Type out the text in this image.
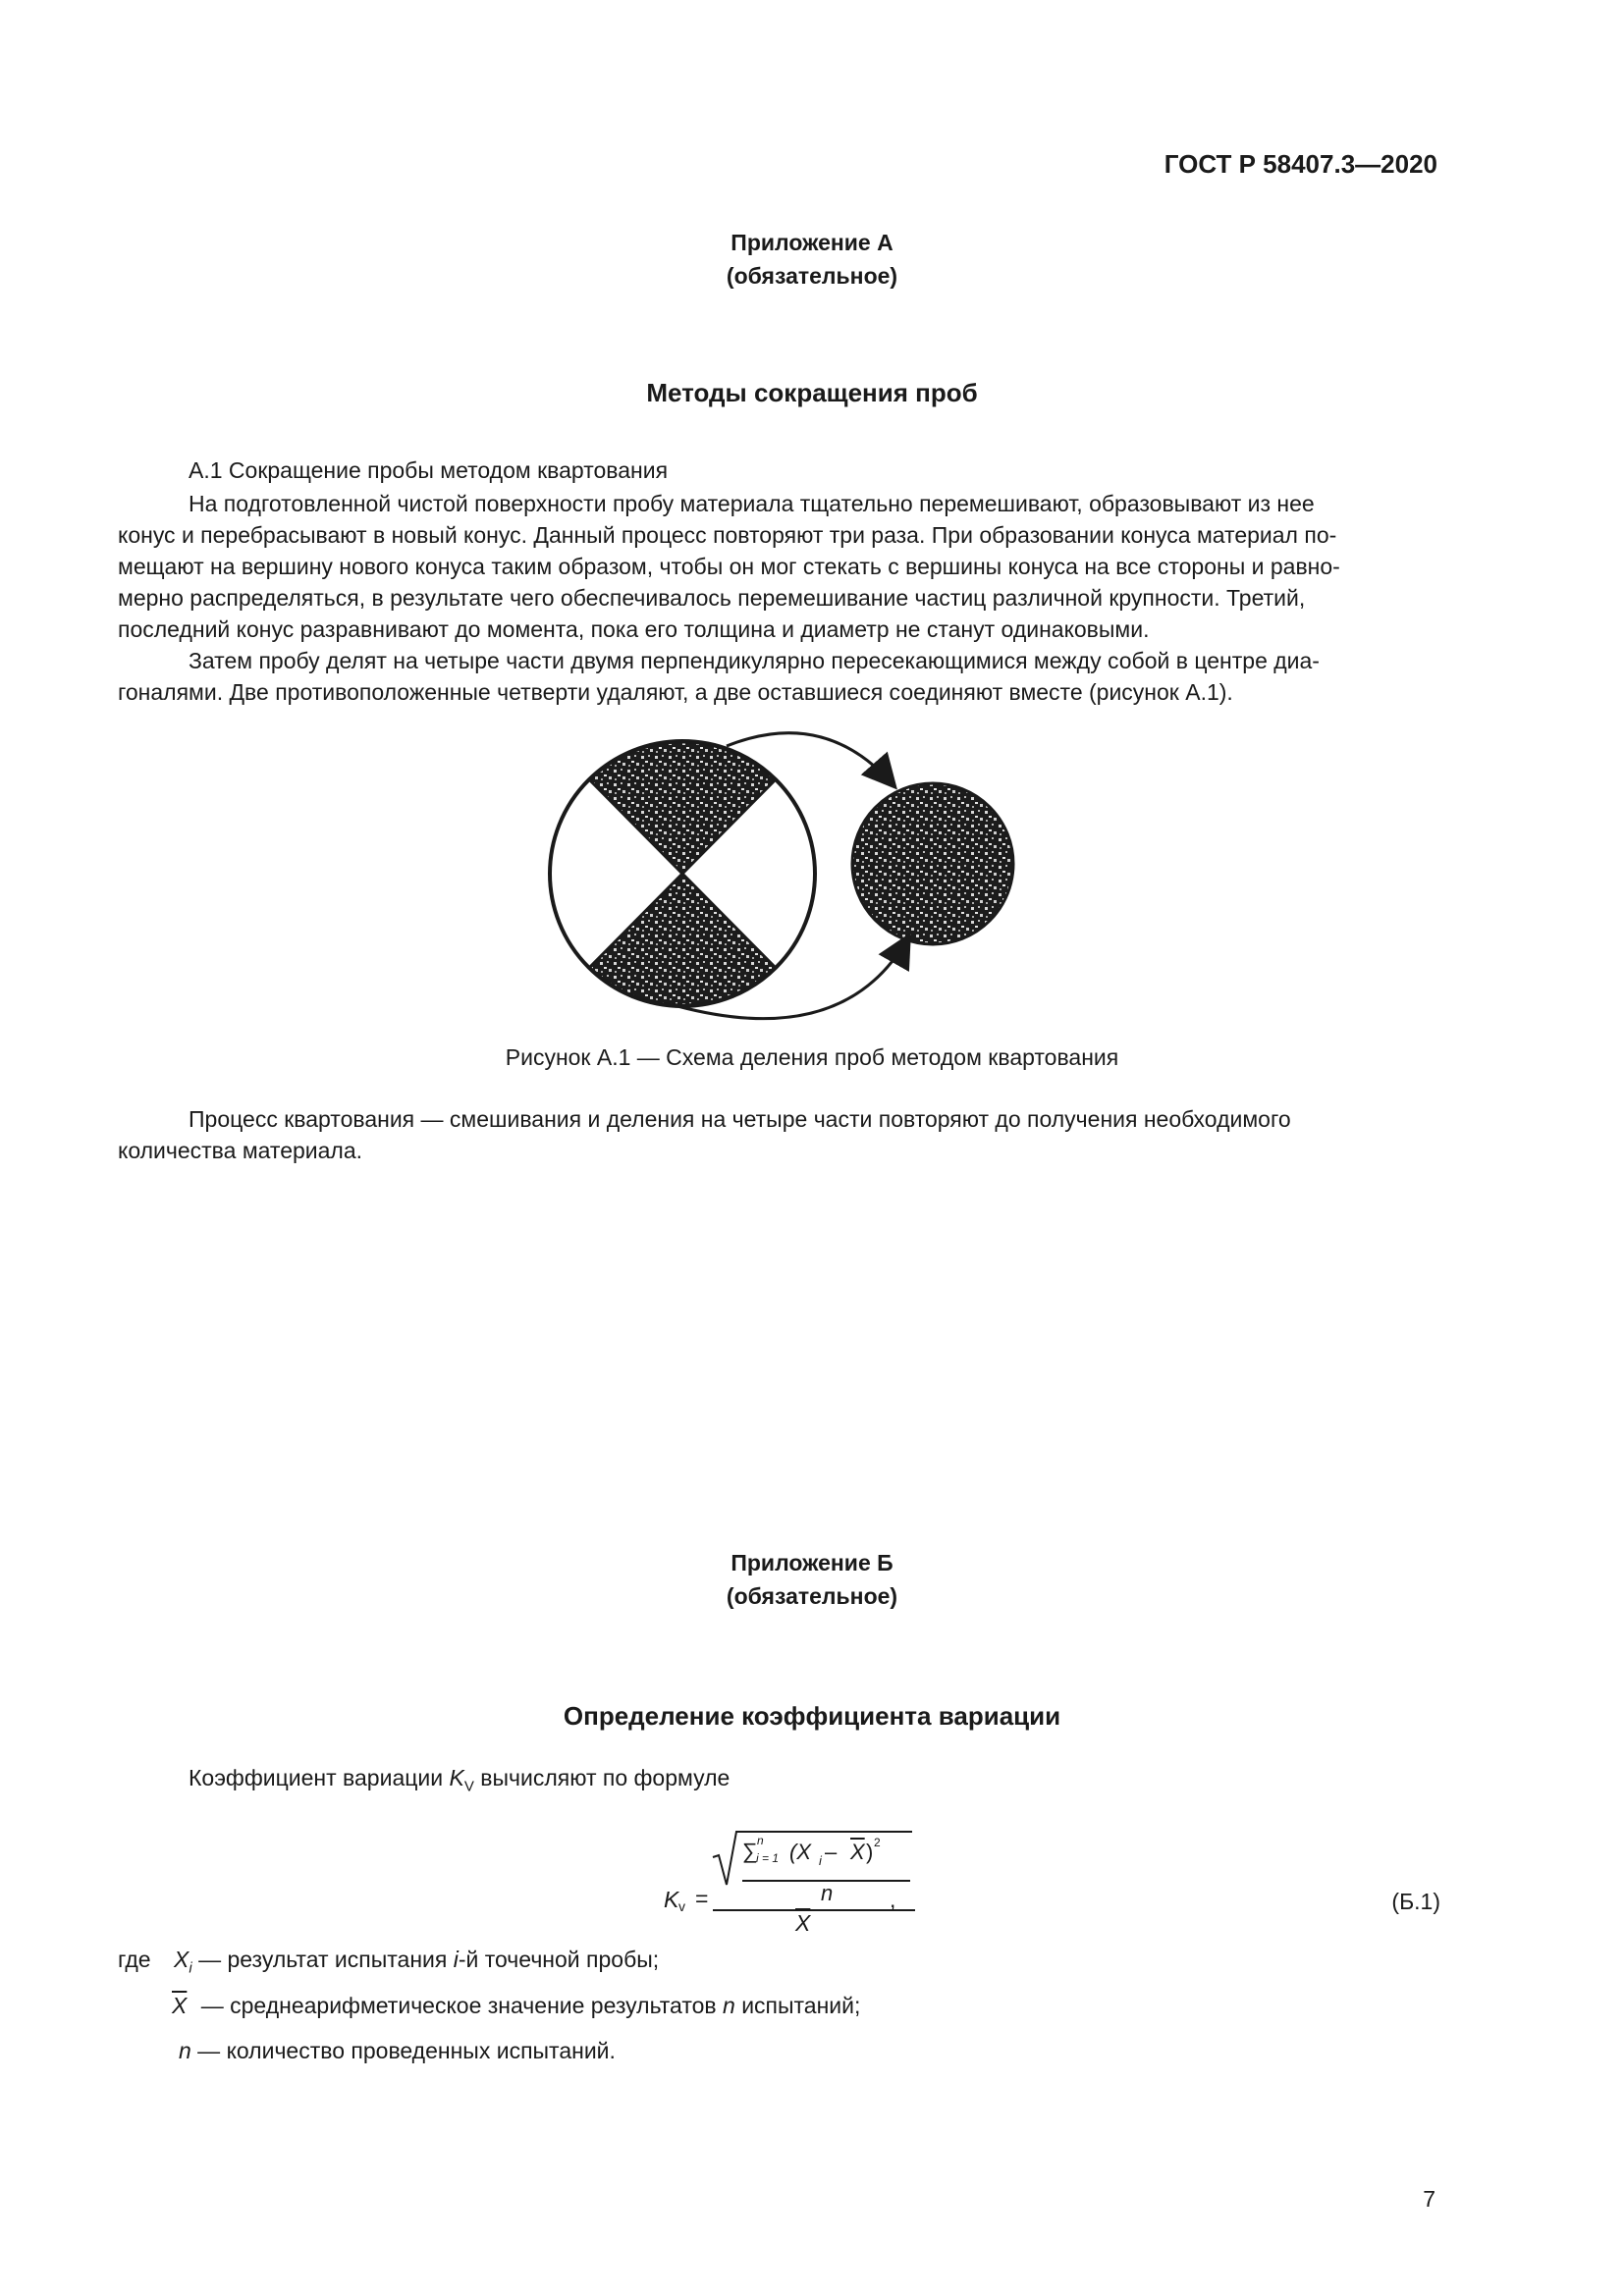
ГОСТ Р 58407.3—2020
Приложение А
(обязательное)
Методы сокращения проб

А.1 Сокращение пробы методом квартования

На подготовленной чистой поверхности пробу материала тщательно перемешивают, образовывают из нее
конус и перебрасывают в новый конус. Данный процесс повторяют три раза. При образовании конуса материал по-
мещают на вершину нового конуса таким образом, чтобы он мог стекать с вершины конуса на все стороны и равно-
мерно распределяться, в результате чего обеспечивалось перемешивание частиц различной крупности. Третий,
последний конус разравнивают до момента, пока его толщина и диаметр не станут одинаковыми.
Затем пробу делят на четыре части двумя перпендикулярно пересекающимися между собой в центре диа-
гоналями. Две противоположенные четверти удаляют, а две оставшиеся соединяют вместе (рисунок А.1).
Рисунок А.1 — Схема деления проб методом квартования
Процесс квартования — смешивания и деления на четыре части повторяют до получения необходимого
количества материала.
Приложение Б
(обязательное)
Определение коэффициента вариации
Коэффициент вариации $K_V$ вычисляют по формуле
K v =
∑ n
i = 1 (X i – $\overline{X}$ ) 2
n
$\overline{X}$
,	(Б.1)
где $X_i$ — результат испытания i-й точечной пробы;
$\overline{X}$ — среднеарифметическое значение результатов n испытаний;
n — количество проведенных испытаний.
7
